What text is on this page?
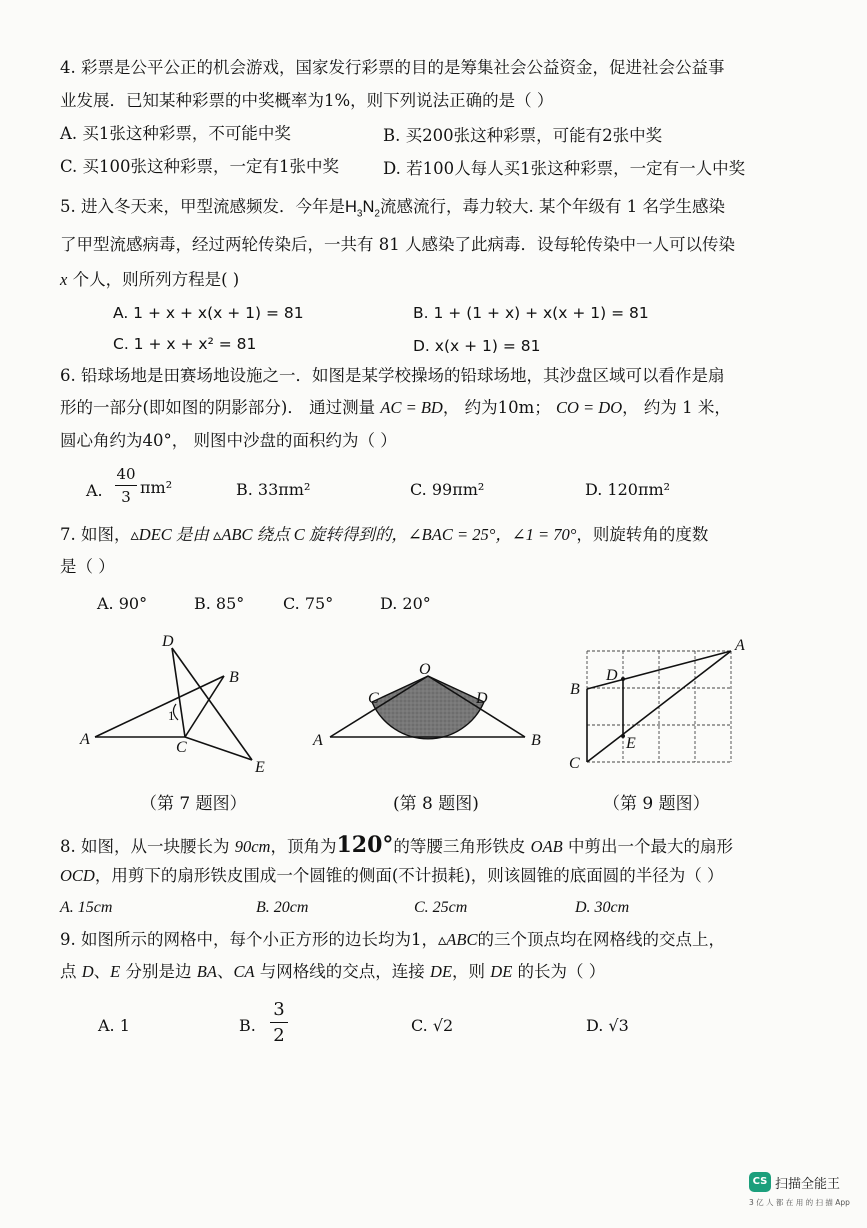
4. 彩票是公平公正的机会游戏，国家发行彩票的目的是筹集社会公益资金，促进社会公益事
业发展．已知某种彩票的中奖概率为1%，则下列说法正确的是（ ）
A. 买1张这种彩票，不可能中奖	B. 买200张这种彩票，可能有2张中奖
C. 买100张这种彩票，一定有1张中奖	D. 若100人每人买1张这种彩票，一定有一人中奖
5. 进入冬天来，甲型流感频发．今年是$H_3N_2$流感流行，毒力较大. 某个年级有 1 名学生感染
了甲型流感病毒，经过两轮传染后，一共有 81 人感染了此病毒．设每轮传染中一人可以传染
x 个人，则所列方程是( )
A. 1 + x + x(x + 1) = 81	B. 1 + (1 + x) + x(x + 1) = 81
C. 1 + x + x² = 81	D. x(x + 1) = 81
6. 铅球场地是田赛场地设施之一．如图是某学校操场的铅球场地，其沙盘区域可以看作是扇
形的一部分(即如图的阴影部分)． 通过测量 AC = BD， 约为10m； CO = DO， 约为 1 米，
圆心角约为40°， 则图中沙盘的面积约为（ ）
A.
40
3 πm²	B. 33πm²	C. 99πm²	D. 120πm²
7. 如图，▵DEC 是由 ▵ABC 绕点 C 旋转得到的，∠BAC = 25°，∠1 = 70°，则旋转角的度数
是（ ）
A. 90°	B. 85° C. 75°	D. 20°
D
B
A	C
E
1
O
C	D
A	B
A
B
C
D
E
（第 7 题图）	(第 8 题图)	（第 9 题图）
8. 如图，从一块腰长为 90cm，顶角为120°的等腰三角形铁皮 OAB 中剪出一个最大的扇形
OCD，用剪下的扇形铁皮围成一个圆锥的侧面(不计损耗)，则该圆锥的底面圆的半径为（ ）
A. 15cm	B. 20cm	C. 25cm	D. 30cm
9. 如图所示的网格中，每个小正方形的边长均为1，▵ABC的三个顶点均在网格线的交点上，
点 D、E 分别是边 BA、CA 与网格线的交点，连接 DE，则 DE 的长为（ ）
A. 1	B.
3
2	C. √2	D. √3
CS 扫描全能王
3 亿 人 都 在 用 的 扫 描 App
